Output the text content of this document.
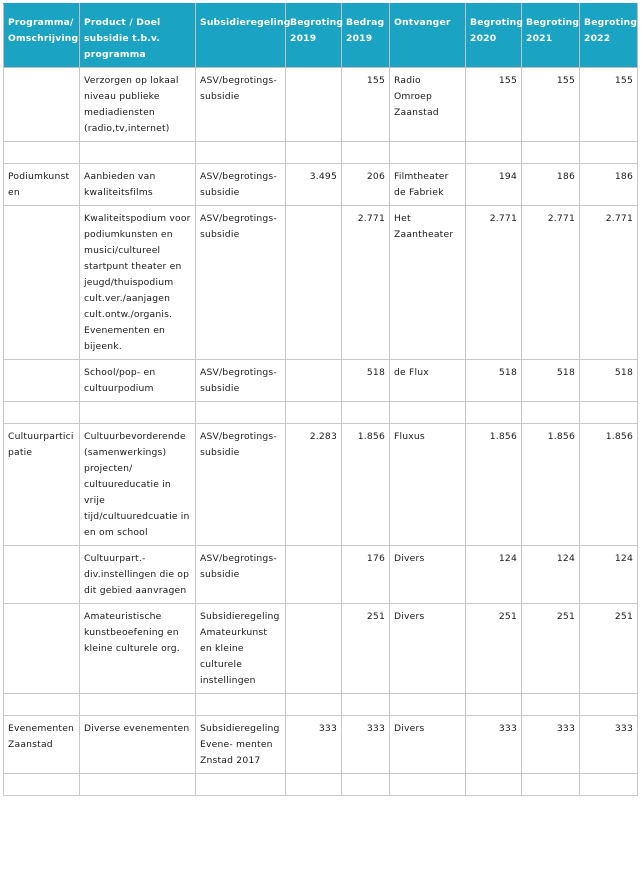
Programma/ Omschrijving	Product / Doel subsidie t.b.v. programma	Subsidieregeling	Begroting 2019	Bedrag 2019	Ontvanger	Begroting 2020	Begroting 2021	Begroting 2022
	Verzorgen op lokaal niveau publieke mediadiensten (radio,tv,internet)	ASV/begrotings-subsidie		155	Radio Omroep Zaanstad	155	155	155

Podiumkunsten	Aanbieden van kwaliteitsfilms	ASV/begrotings-subsidie	3.495	206	Filmtheater de Fabriek	194	186	186
	Kwaliteitspodium voor podiumkunsten en musici/cultureel startpunt theater en jeugd/thuispodium cult.ver./aanjagen cult.ontw./organis. Evenementen en bijeenk.	ASV/begrotings-subsidie		2.771	Het Zaantheater	2.771	2.771	2.771
	School/pop- en cultuurpodium	ASV/begrotings-subsidie		518	de Flux	518	518	518

Cultuurparticipatie	Cultuurbevorderende (samenwerkings) projecten/ cultuureducatie in vrije tijd/cultuuredcuatie in en om school	ASV/begrotings-subsidie	2.283	1.856	Fluxus	1.856	1.856	1.856
	Cultuurpart.- div.instellingen die op dit gebied aanvragen	ASV/begrotings-subsidie		176	Divers	124	124	124
	Amateuristische kunstbeoefening en kleine culturele org.	Subsidieregeling Amateurkunst en kleine culturele instellingen		251	Divers	251	251	251

Evenementen Zaanstad	Diverse evenementen	Subsidieregeling Evene- menten Znstad 2017	333	333	Divers	333	333	333
